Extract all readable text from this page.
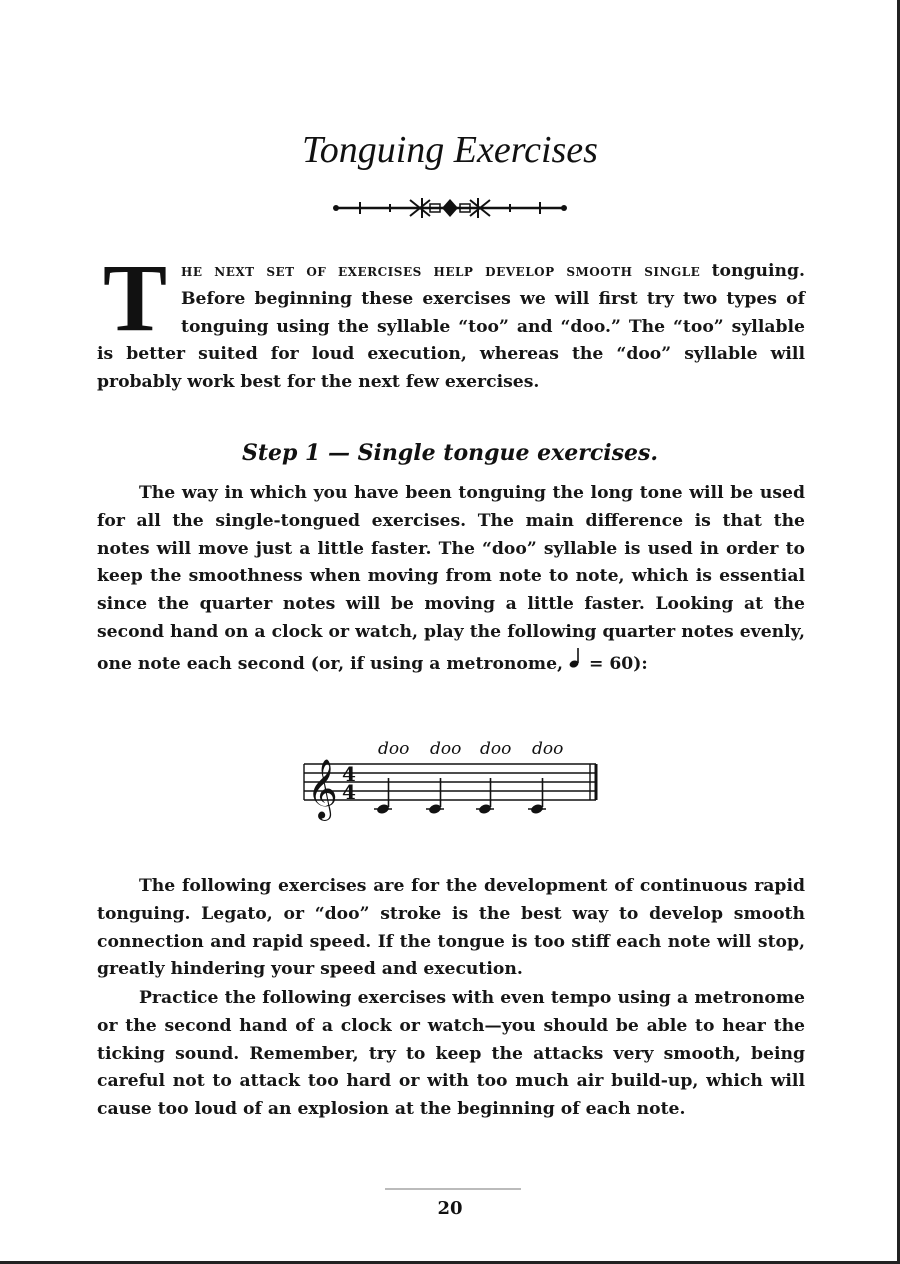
Tonguing Exercises
The next set of exercises help develop smooth single tonguing. Before beginning these exercises we will first try two types of tonguing using the syllable “too” and “doo.” The “too” syllable is better suited for loud execution, whereas the “doo” syllable will probably work best for the next few exercises.
Step 1 — Single tongue exercises.
The way in which you have been tonguing the long tone will be used for all the single-tongued exercises. The main difference is that the notes will move just a little faster. The “doo” syllable is used in order to keep the smoothness when moving from note to note, which is essential since the quarter notes will be moving a little faster. Looking at the second hand on a clock or watch, play the following quarter notes evenly, one note each second (or, if using a metronome,  = 60):
doo doo doo doo
𝄞 4
4
The following exercises are for the development of continuous rapid tonguing. Legato, or “doo” stroke is the best way to develop smooth connection and rapid speed. If the tongue is too stiff each note will stop, greatly hindering your speed and execution.
Practice the following exercises with even tempo using a metronome or the second hand of a clock or watch—you should be able to hear the ticking sound. Remember, try to keep the attacks very smooth, being careful not to attack too hard or with too much air build-up, which will cause too loud of an explosion at the beginning of each note.
20
